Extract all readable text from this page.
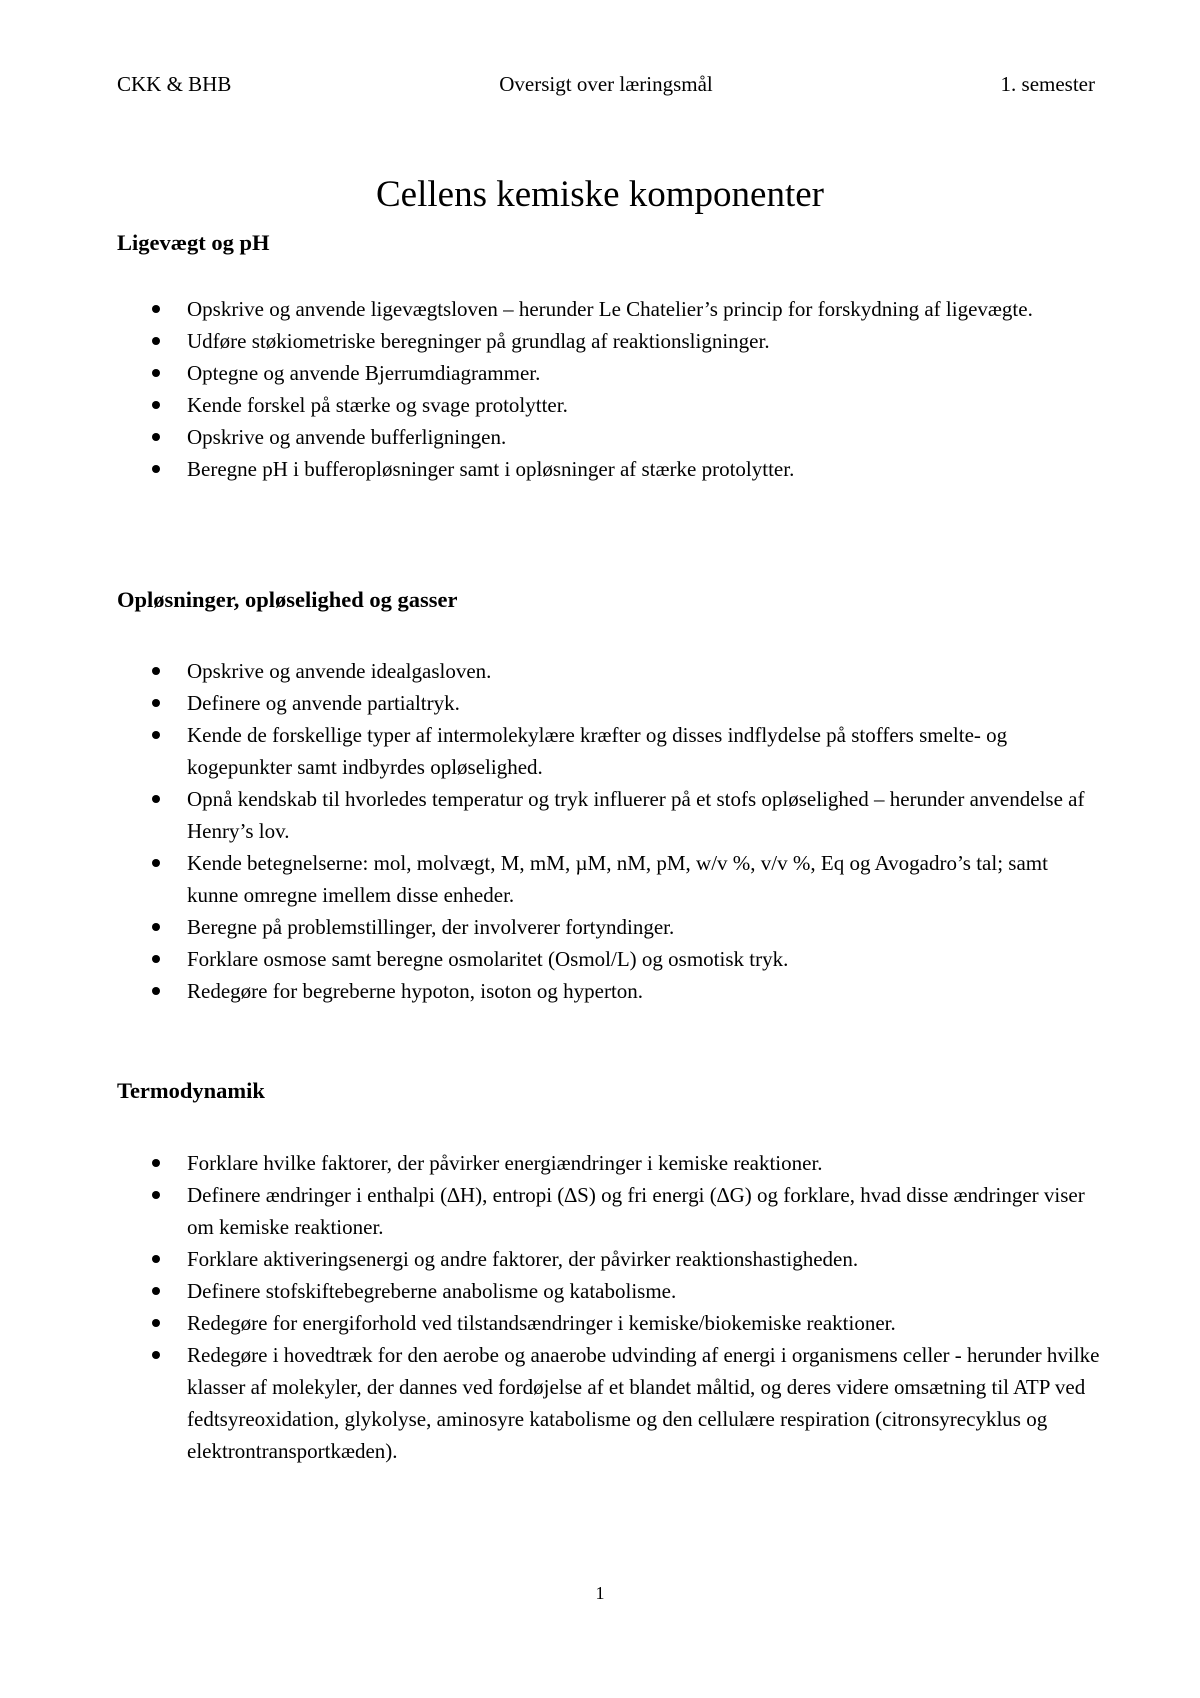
CKK & BHB	Oversigt over læringsmål	1. semester
Cellens kemiske komponenter
Ligevægt og pH
Opskrive og anvende ligevægtsloven – herunder Le Chatelier’s princip for forskydning af ligevægte.
Udføre støkiometriske beregninger på grundlag af reaktionsligninger.
Optegne og anvende Bjerrumdiagrammer.
Kende forskel på stærke og svage protolytter.
Opskrive og anvende bufferligningen.
Beregne pH i bufferopløsninger samt i opløsninger af stærke protolytter.
Opløsninger, opløselighed og gasser
Opskrive og anvende idealgasloven.
Definere og anvende partialtryk.
Kende de forskellige typer af intermolekylære kræfter og disses indflydelse på stoffers smelte- og kogepunkter samt indbyrdes opløselighed.
Opnå kendskab til hvorledes temperatur og tryk influerer på et stofs opløselighed – herunder anvendelse af Henry’s lov.
Kende betegnelserne: mol, molvægt, M, mM, µM, nM, pM, w/v %, v/v %, Eq og Avogadro’s tal; samt kunne omregne imellem disse enheder.
Beregne på problemstillinger, der involverer fortyndinger.
Forklare osmose samt beregne osmolaritet (Osmol/L) og osmotisk tryk.
Redegøre for begreberne hypoton, isoton og hyperton.
Termodynamik
Forklare hvilke faktorer, der påvirker energiændringer i kemiske reaktioner.
Definere ændringer i enthalpi (∆H), entropi (∆S) og fri energi (∆G) og forklare, hvad disse ændringer viser om kemiske reaktioner.
Forklare aktiveringsenergi og andre faktorer, der påvirker reaktionshastigheden.
Definere stofskiftebegreberne anabolisme og katabolisme.
Redegøre for energiforhold ved tilstandsændringer i kemiske/biokemiske reaktioner.
Redegøre i hovedtræk for den aerobe og anaerobe udvinding af energi i organismens celler - herunder hvilke klasser af molekyler, der dannes ved fordøjelse af et blandet måltid, og deres videre omsætning til ATP ved fedtsyreoxidation, glykolyse, aminosyre katabolisme og den cellulære respiration (citronsyrecyklus og elektrontransportkæden).
1
